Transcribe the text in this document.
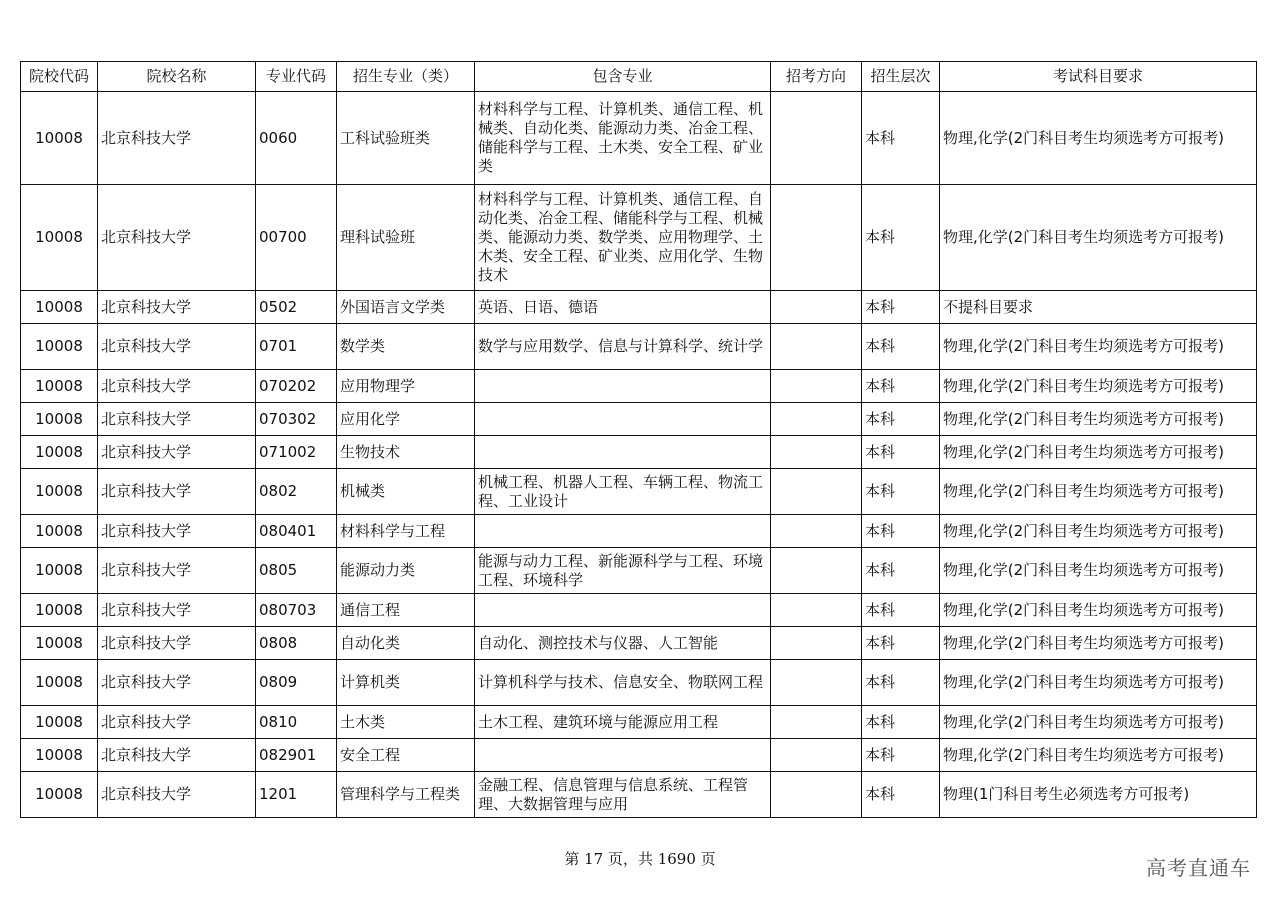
院校代码	院校名称	专业代码	招生专业（类）	包含专业	招考方向	招生层次	考试科目要求
10008	北京科技大学	0060	工科试验班类	材料科学与工程、计算机类、通信工程、机械类、自动化类、能源动力类、冶金工程、储能科学与工程、土木类、安全工程、矿业类		本科	物理,化学(2门科目考生均须选考方可报考)
10008	北京科技大学	00700	理科试验班	材料科学与工程、计算机类、通信工程、自动化类、冶金工程、储能科学与工程、机械类、能源动力类、数学类、应用物理学、土木类、安全工程、矿业类、应用化学、生物技术		本科	物理,化学(2门科目考生均须选考方可报考)
10008	北京科技大学	0502	外国语言文学类	英语、日语、德语		本科	不提科目要求
10008	北京科技大学	0701	数学类	数学与应用数学、信息与计算科学、统计学		本科	物理,化学(2门科目考生均须选考方可报考)
10008	北京科技大学	070202	应用物理学			本科	物理,化学(2门科目考生均须选考方可报考)
10008	北京科技大学	070302	应用化学			本科	物理,化学(2门科目考生均须选考方可报考)
10008	北京科技大学	071002	生物技术			本科	物理,化学(2门科目考生均须选考方可报考)
10008	北京科技大学	0802	机械类	机械工程、机器人工程、车辆工程、物流工程、工业设计		本科	物理,化学(2门科目考生均须选考方可报考)
10008	北京科技大学	080401	材料科学与工程			本科	物理,化学(2门科目考生均须选考方可报考)
10008	北京科技大学	0805	能源动力类	能源与动力工程、新能源科学与工程、环境工程、环境科学		本科	物理,化学(2门科目考生均须选考方可报考)
10008	北京科技大学	080703	通信工程			本科	物理,化学(2门科目考生均须选考方可报考)
10008	北京科技大学	0808	自动化类	自动化、测控技术与仪器、人工智能		本科	物理,化学(2门科目考生均须选考方可报考)
10008	北京科技大学	0809	计算机类	计算机科学与技术、信息安全、物联网工程		本科	物理,化学(2门科目考生均须选考方可报考)
10008	北京科技大学	0810	土木类	土木工程、建筑环境与能源应用工程		本科	物理,化学(2门科目考生均须选考方可报考)
10008	北京科技大学	082901	安全工程			本科	物理,化学(2门科目考生均须选考方可报考)
10008	北京科技大学	1201	管理科学与工程类	金融工程、信息管理与信息系统、工程管理、大数据管理与应用		本科	物理(1门科目考生必须选考方可报考)
第 17 页，共 1690 页	高考直通车
